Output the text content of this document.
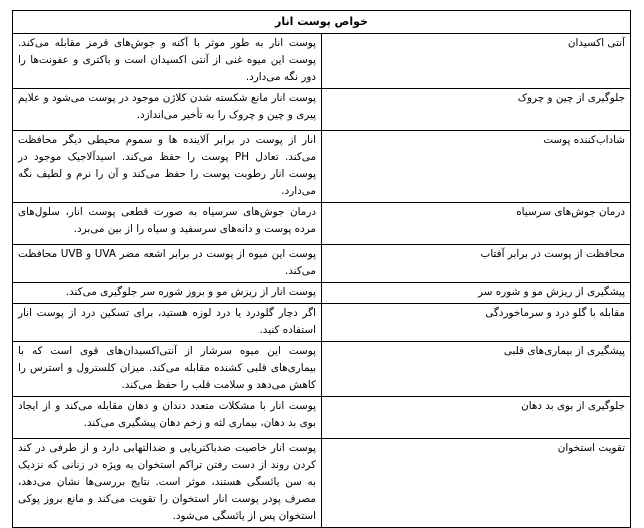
خواص پوست انار	
آنتی اکسیدان	پوست انار به طور موثر با آکنه و جوش‌های قرمز مقابله می‌کند. پوست این میوه غنی از آنتی اکسیدان است و باکتری و عفونت‌ها را دور نگه می‌دارد.
جلوگیری از چین و چروک	پوست انار مانع شکسته شدن کلاژن موجود در پوست می‌شود و علایم پیری و چین و چروک را به تأخیر می‌اندازد.
شاداب‌کننده پوست	انار از پوست در برابر آلاینده ها و سموم محیطی دیگر محافظت می‌کند. تعادل PH پوست را حفظ می‌کند. اسیدآلاجیک موجود در پوست انار رطوبت پوست را حفظ می‌کند و آن را نرم و لطیف نگه می‌دارد.
درمان جوش‌های سرسیاه	درمان جوش‌های سرسیاه به صورت قطعی پوست انار، سلول‌های مرده پوست و دانه‌های سرسفید و سیاه را از بین می‌برد.
محافظت از پوست در برابر آفتاب	پوست این میوه از پوست در برابر اشعه مضر UVA و UVB محافظت می‌کند.
پیشگیری از ریزش مو و شوره سر	پوست انار از ریزش مو و بروز شوره سر جلوگیری می‌کند.
مقابله با گلو درد و سرماخوردگی	اگر دچار گلودرد یا درد لوزه هستید، برای تسکین درد از پوست انار استفاده کنید.
پیشگیری از بیماری‌های قلبی	پوست این میوه سرشار از آنتی‌اکسیدان‌های قوی است که با بیماری‌های قلبی کشنده مقابله می‌کند. میزان کلسترول و استرس را کاهش می‌دهد و سلامت قلب را حفظ می‌کند.
جلوگیری از بوی بد دهان	پوست انار با مشکلات متعدد دندان و دهان مقابله می‌کند و از ایجاد بوی بد دهان، بیماری لثه و زخم دهان پیشگیری می‌کند.
تقویت استخوان	پوست انار خاصیت ضدباکتریایی و ضدالتهابی دارد و از طرفی در کند کردن روند از دست رفتن تراکم استخوان به ویژه در زنانی که نزدیک به سن یائسگی هستند، موثر است. نتایج بررسی‌ها نشان می‌دهد، مصرف پودر پوست انار استخوان را تقویت می‌کند و مانع بروز پوکی استخوان پس از یائسگی می‌شود.
